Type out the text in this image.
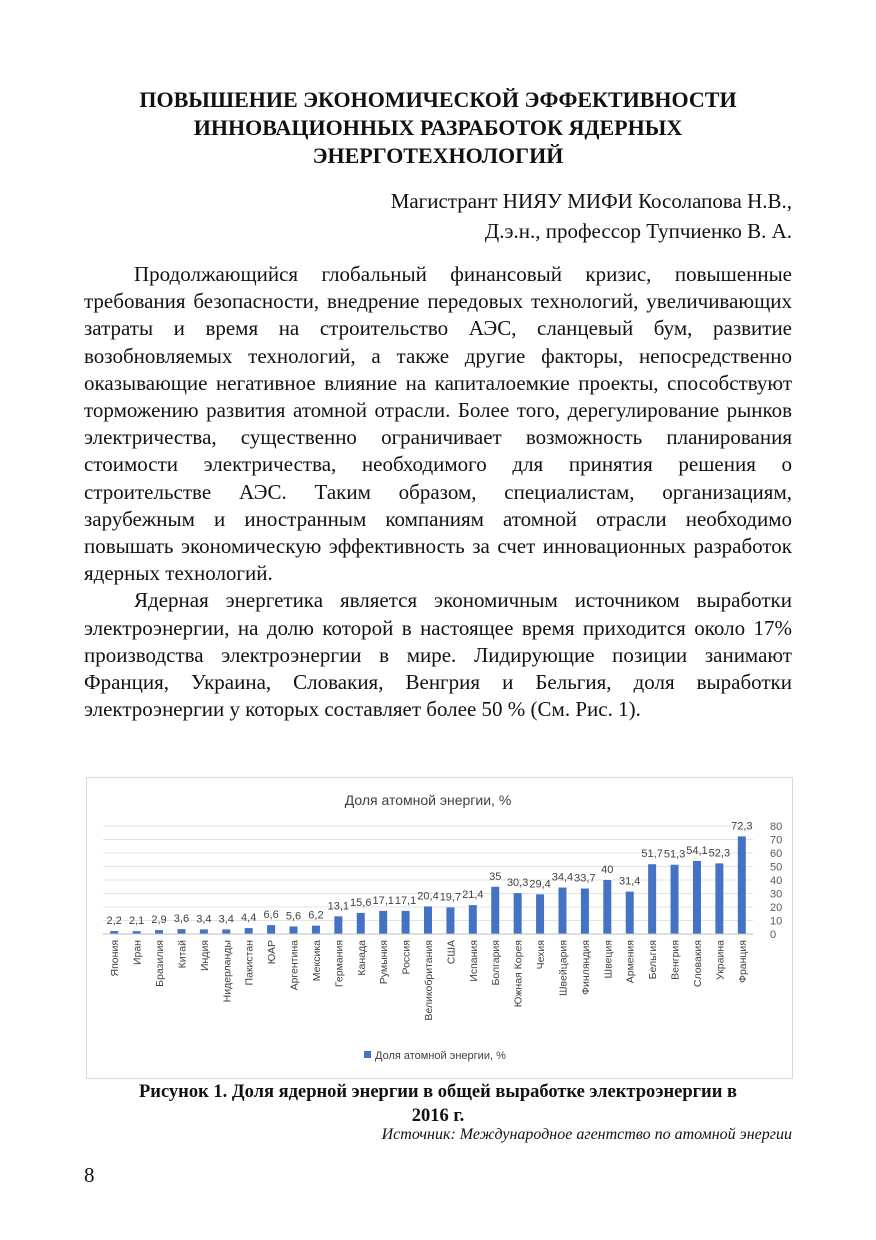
ПОВЫШЕНИЕ ЭКОНОМИЧЕСКОЙ ЭФФЕКТИВНОСТИ
ИННОВАЦИОННЫХ РАЗРАБОТОК ЯДЕРНЫХ
ЭНЕРГОТЕХНОЛОГИЙ
Магистрант НИЯУ МИФИ Косолапова Н.В.,
Д.э.н., профессор Тупчиенко В. А.

Продолжающийся глобальный финансовый кризис, повышенные требования безопасности, внедрение передовых технологий, увеличивающих затраты и время на строительство АЭС, сланцевый бум, развитие возобновляемых технологий, а также другие факторы, непосредственно оказывающие негативное влияние на капиталоемкие проекты, способствуют торможению развития атомной отрасли. Более того, дерегулирование рынков электричества, существенно ограничивает возможность планирования стоимости электричества, необходимого для принятия решения о строительстве АЭС. Таким образом, специалистам, организациям, зарубежным и иностранным компаниям атомной отрасли необходимо повышать экономическую эффективность за счет инновационных разработок ядерных технологий.

Ядерная энергетика является экономичным источником выработки электроэнергии, на долю которой в настоящее время приходится около 17% производства электроэнергии в мире. Лидирующие позиции занимают Франция, Украина, Словакия, Венгрия и Бельгия, доля выработки электроэнергии у которых составляет более 50 % (См. Рис. 1).

0
10
20
30
40
50
60
70
80
Доля атомной энергии, %
2,2
Япония
2,1
Иран
2,9
Бразилия
3,6
Китай
3,4
Индия
3,4
Нидерланды
4,4
Пакистан
6,6
ЮАР
5,6
Аргентина
6,2
Мексика
13,1
Германия
15,6
Канада
17,1
Румыния
17,1
Россия
20,4
Великобритания
19,7
США
21,4
Испания
35
Болгария
30,3
Южная Корея
29,4
Чехия
34,4
Швейцария
33,7
Финляндия
40
Швеция
31,4
Армения
51,7
Бельгия
51,3
Венгрия
54,1
Словакия
52,3
Украина
72,3
Франция
Доля атомной энергии, %
Рисунок 1. Доля ядерной энергии в общей выработке электроэнергии в
2016 г.
Источник: Международное агентство по атомной энергии
8
